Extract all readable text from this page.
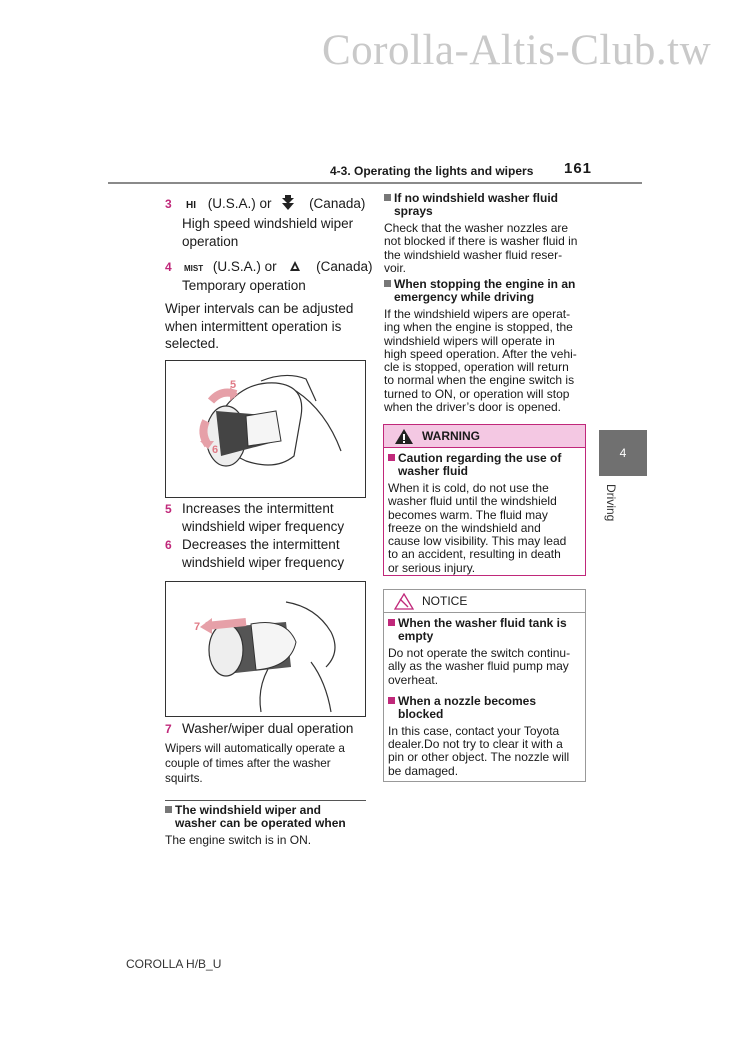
Corolla-Altis-Club.tw
4-3. Operating the lights and wipers 161
4
Driving
3	HI (U.S.A.) or	(Canada)
High speed windshield wiper
operation
4 MIST (U.S.A.) or	(Canada)
Temporary operation
Wiper intervals can be adjusted
when intermittent operation is
selected.
5
6
5 Increases the intermittent
windshield wiper frequency
6 Decreases the intermittent
windshield wiper frequency
7
7 Washer/wiper dual operation
Wipers will automatically operate a
couple of times after the washer
squirts.
The windshield wiper and
washer can be operated when
The engine switch is in ON.
If no windshield washer fluid
sprays
Check that the washer nozzles are
not blocked if there is washer fluid in
the windshield washer fluid reser-
voir.
When stopping the engine in an
emergency while driving
If the windshield wipers are operat-
ing when the engine is stopped, the
windshield wipers will operate in
high speed operation. After the vehi-
cle is stopped, operation will return
to normal when the engine switch is
turned to ON, or operation will stop
when the driver’s door is opened.
WARNING
Caution regarding the use of
washer fluid
When it is cold, do not use the
washer fluid until the windshield
becomes warm. The fluid may
freeze on the windshield and
cause low visibility. This may lead
to an accident, resulting in death
or serious injury.
NOTICE
When the washer fluid tank is
empty
Do not operate the switch continu-
ally as the washer fluid pump may
overheat.
When a nozzle becomes
blocked
In this case, contact your Toyota
dealer.Do not try to clear it with a
pin or other object. The nozzle will
be damaged.
COROLLA H/B_U
